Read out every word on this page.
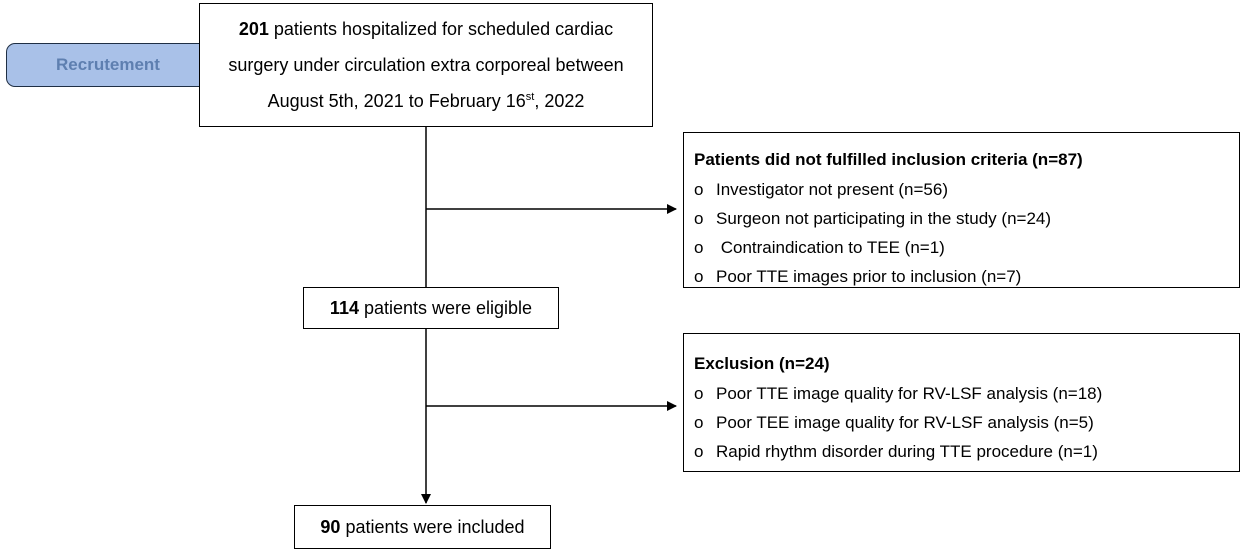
Recrutement
201 patients hospitalized for scheduled cardiac
surgery under circulation extra corporeal between
August 5th, 2021 to February 16st, 2022
Patients did not fulfilled inclusion criteria (n=87)
o Investigator not present (n=56)
o Surgeon not participating in the study (n=24)
o Contraindication to TEE (n=1)
o Poor TTE images prior to inclusion (n=7)
114 patients were eligible
Exclusion (n=24)
o Poor TTE image quality for RV-LSF analysis (n=18)
o Poor TEE image quality for RV-LSF analysis (n=5)
o Rapid rhythm disorder during TTE procedure (n=1)
90 patients were included
